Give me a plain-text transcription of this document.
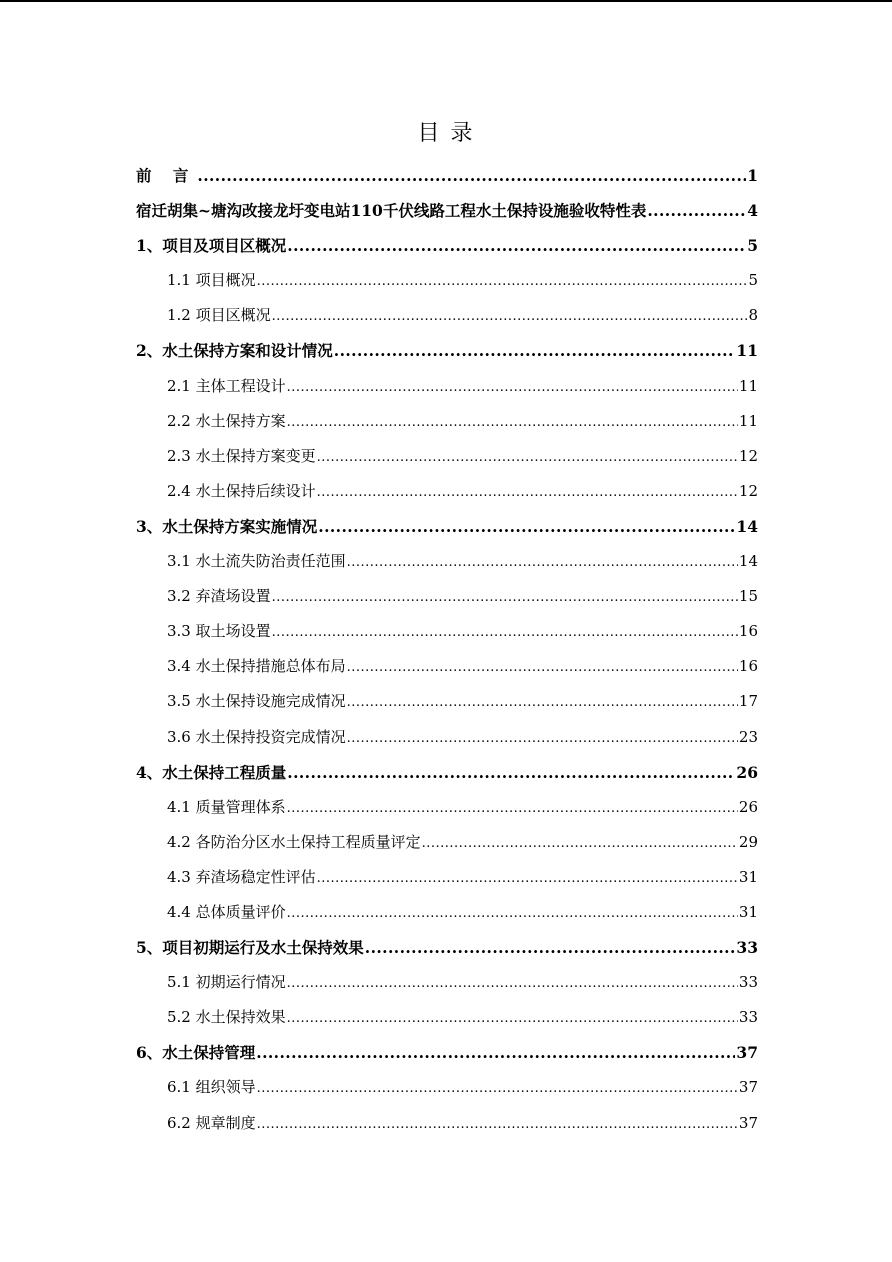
目 录
前 言 .....	1
宿迁胡集~塘沟改接龙圩变电站110千伏线路工程水土保持设施验收特性表 .....	4
1、项目及项目区概况 .....	5
1.1 项目概况 .....	5
1.2 项目区概况 .....	8
2、水土保持方案和设计情况 .....	11
2.1 主体工程设计 .....	11
2.2 水土保持方案 .....	11
2.3 水土保持方案变更 .....	12
2.4 水土保持后续设计 .....	12
3、水土保持方案实施情况 .....	14
3.1 水土流失防治责任范围 .....	14
3.2 弃渣场设置 .....	15
3.3 取土场设置 .....	16
3.4 水土保持措施总体布局 .....	16
3.5 水土保持设施完成情况 .....	17
3.6 水土保持投资完成情况 .....	23
4、水土保持工程质量 .....	26
4.1 质量管理体系 .....	26
4.2 各防治分区水土保持工程质量评定 .....	29
4.3 弃渣场稳定性评估 .....	31
4.4 总体质量评价 .....	31
5、项目初期运行及水土保持效果 .....	33
5.1 初期运行情况 .....	33
5.2 水土保持效果 .....	33
6、水土保持管理 .....	37
6.1 组织领导 .....	37
6.2 规章制度 .....	37
